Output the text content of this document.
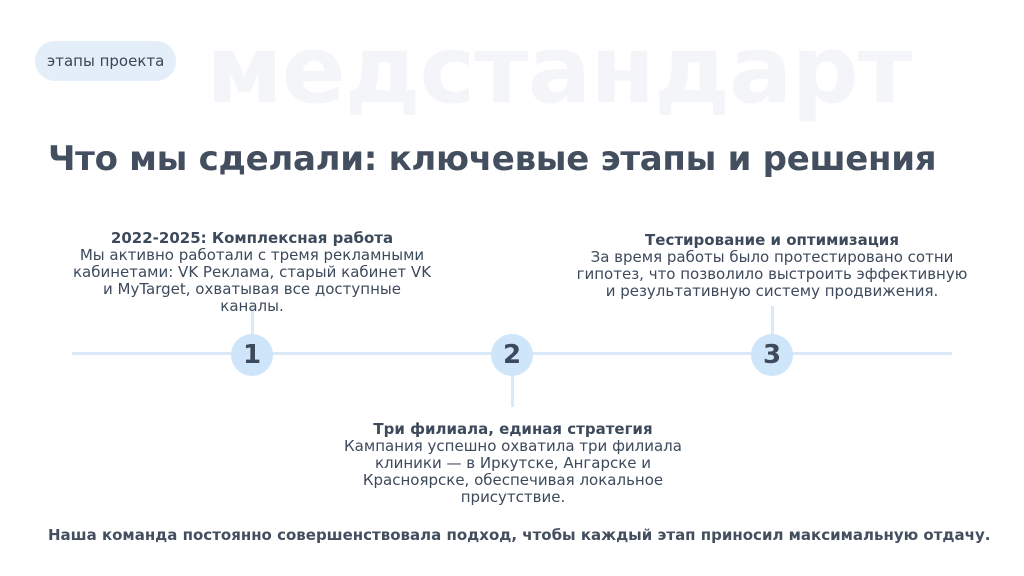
этапы проекта медстандарт
Что мы сделали: ключевые этапы и решения
1
2022-2025: Комплексная работа
Мы активно работали с тремя рекламными кабинетами: VK Реклама, старый кабинет VK и MyTarget, охватывая все доступные каналы.
2
Три филиала, единая стратегия
Кампания успешно охватила три филиала клиники — в Иркутске, Ангарске и Красноярске, обеспечивая локальное присутствие.
3
Тестирование и оптимизация
За время работы было протестировано сотни гипотез, что позволило выстроить эффективную и результативную систему продвижения.
Наша команда постоянно совершенствовала подход, чтобы каждый этап приносил максимальную отдачу.
